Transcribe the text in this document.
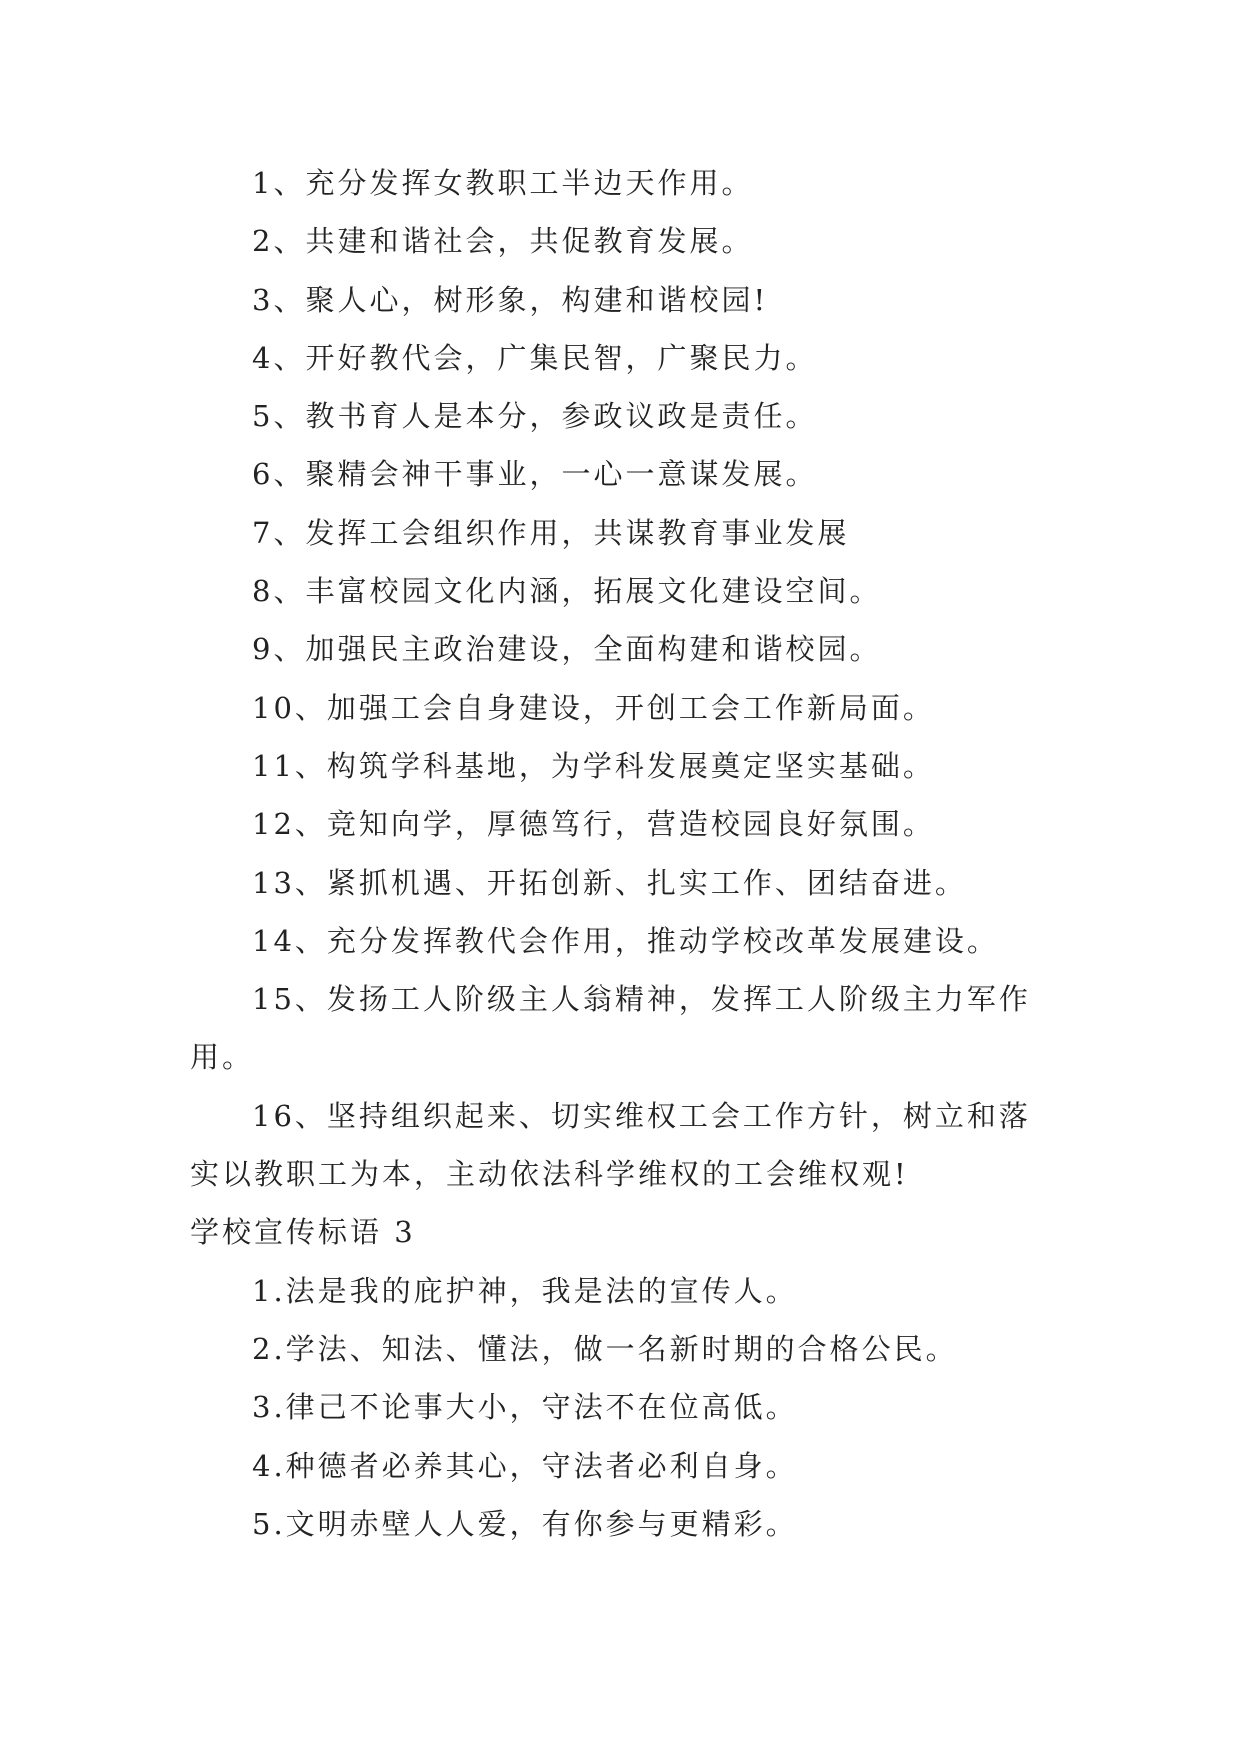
1、充分发挥女教职工半边天作用。

2、共建和谐社会，共促教育发展。

3、聚人心，树形象，构建和谐校园!

4、开好教代会，广集民智，广聚民力。

5、教书育人是本分，参政议政是责任。

6、聚精会神干事业，一心一意谋发展。

7、发挥工会组织作用，共谋教育事业发展

8、丰富校园文化内涵，拓展文化建设空间。

9、加强民主政治建设，全面构建和谐校园。

10、加强工会自身建设，开创工会工作新局面。

11、构筑学科基地，为学科发展奠定坚实基础。

12、竞知向学，厚德笃行，营造校园良好氛围。

13、紧抓机遇、开拓创新、扎实工作、团结奋进。

14、充分发挥教代会作用，推动学校改革发展建设。

15、发扬工人阶级主人翁精神，发挥工人阶级主力军作用。

16、坚持组织起来、切实维权工会工作方针，树立和落实以教职工为本，主动依法科学维权的工会维权观!

学校宣传标语 3

1.法是我的庇护神，我是法的宣传人。

2.学法、知法、懂法，做一名新时期的合格公民。

3.律己不论事大小，守法不在位高低。

4.种德者必养其心，守法者必利自身。

5.文明赤壁人人爱，有你参与更精彩。
